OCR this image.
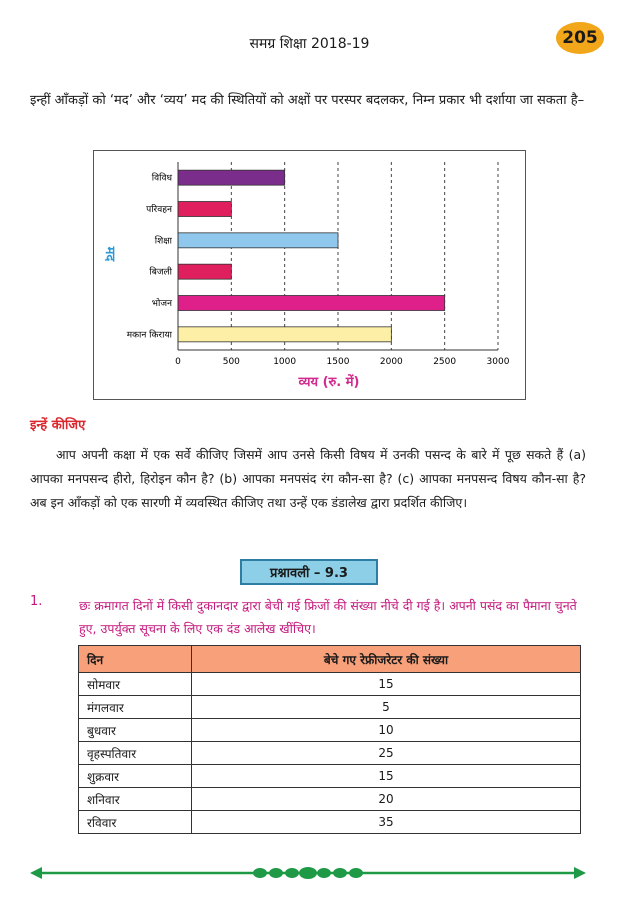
समग्र शिक्षा 2018-19	205
इन्हीं आँकड़ों को ‘मद’ और ‘व्यय’ मद की स्थितियों को अक्षों पर परस्पर बदलकर, निम्न प्रकार भी दर्शाया जा सकता है–
विविध
परिवहन
शिक्षा
बिजली
भोजन
मकान किराया
0	500	1000	1500	2000	2500	3000
व्यय (रु. में)
मद
इन्हें कीजिए
आप अपनी कक्षा में एक सर्वे कीजिए जिसमें आप उनसे किसी विषय में उनकी पसन्द के बारे में पूछ सकते हैं (a) आपका मनपसन्द हीरो, हिरोइन कौन है? (b) आपका मनपसंद रंग कौन-सा है? (c) आपका मनपसन्द विषय कौन-सा है? अब इन आँकड़ों को एक सारणी में व्यवस्थित कीजिए तथा उन्हें एक डंडालेख द्वारा प्रदर्शित कीजिए।
प्रश्नावली – 9.3
1.	छः क्रमागत दिनों में किसी दुकानदार द्वारा बेची गई फ्रिजों की संख्या नीचे दी गई है। अपनी पसंद का पैमाना चुनते हुए, उपर्युक्त सूचना के लिए एक दंड आलेख खींचिए।
दिन	बेचे गए रेफ्रीजरेटर की संख्या
सोमवार	15
मंगलवार	5
बुधवार	10
वृहस्पतिवार	25
शुक्रवार	15
शनिवार	20
रविवार	35
